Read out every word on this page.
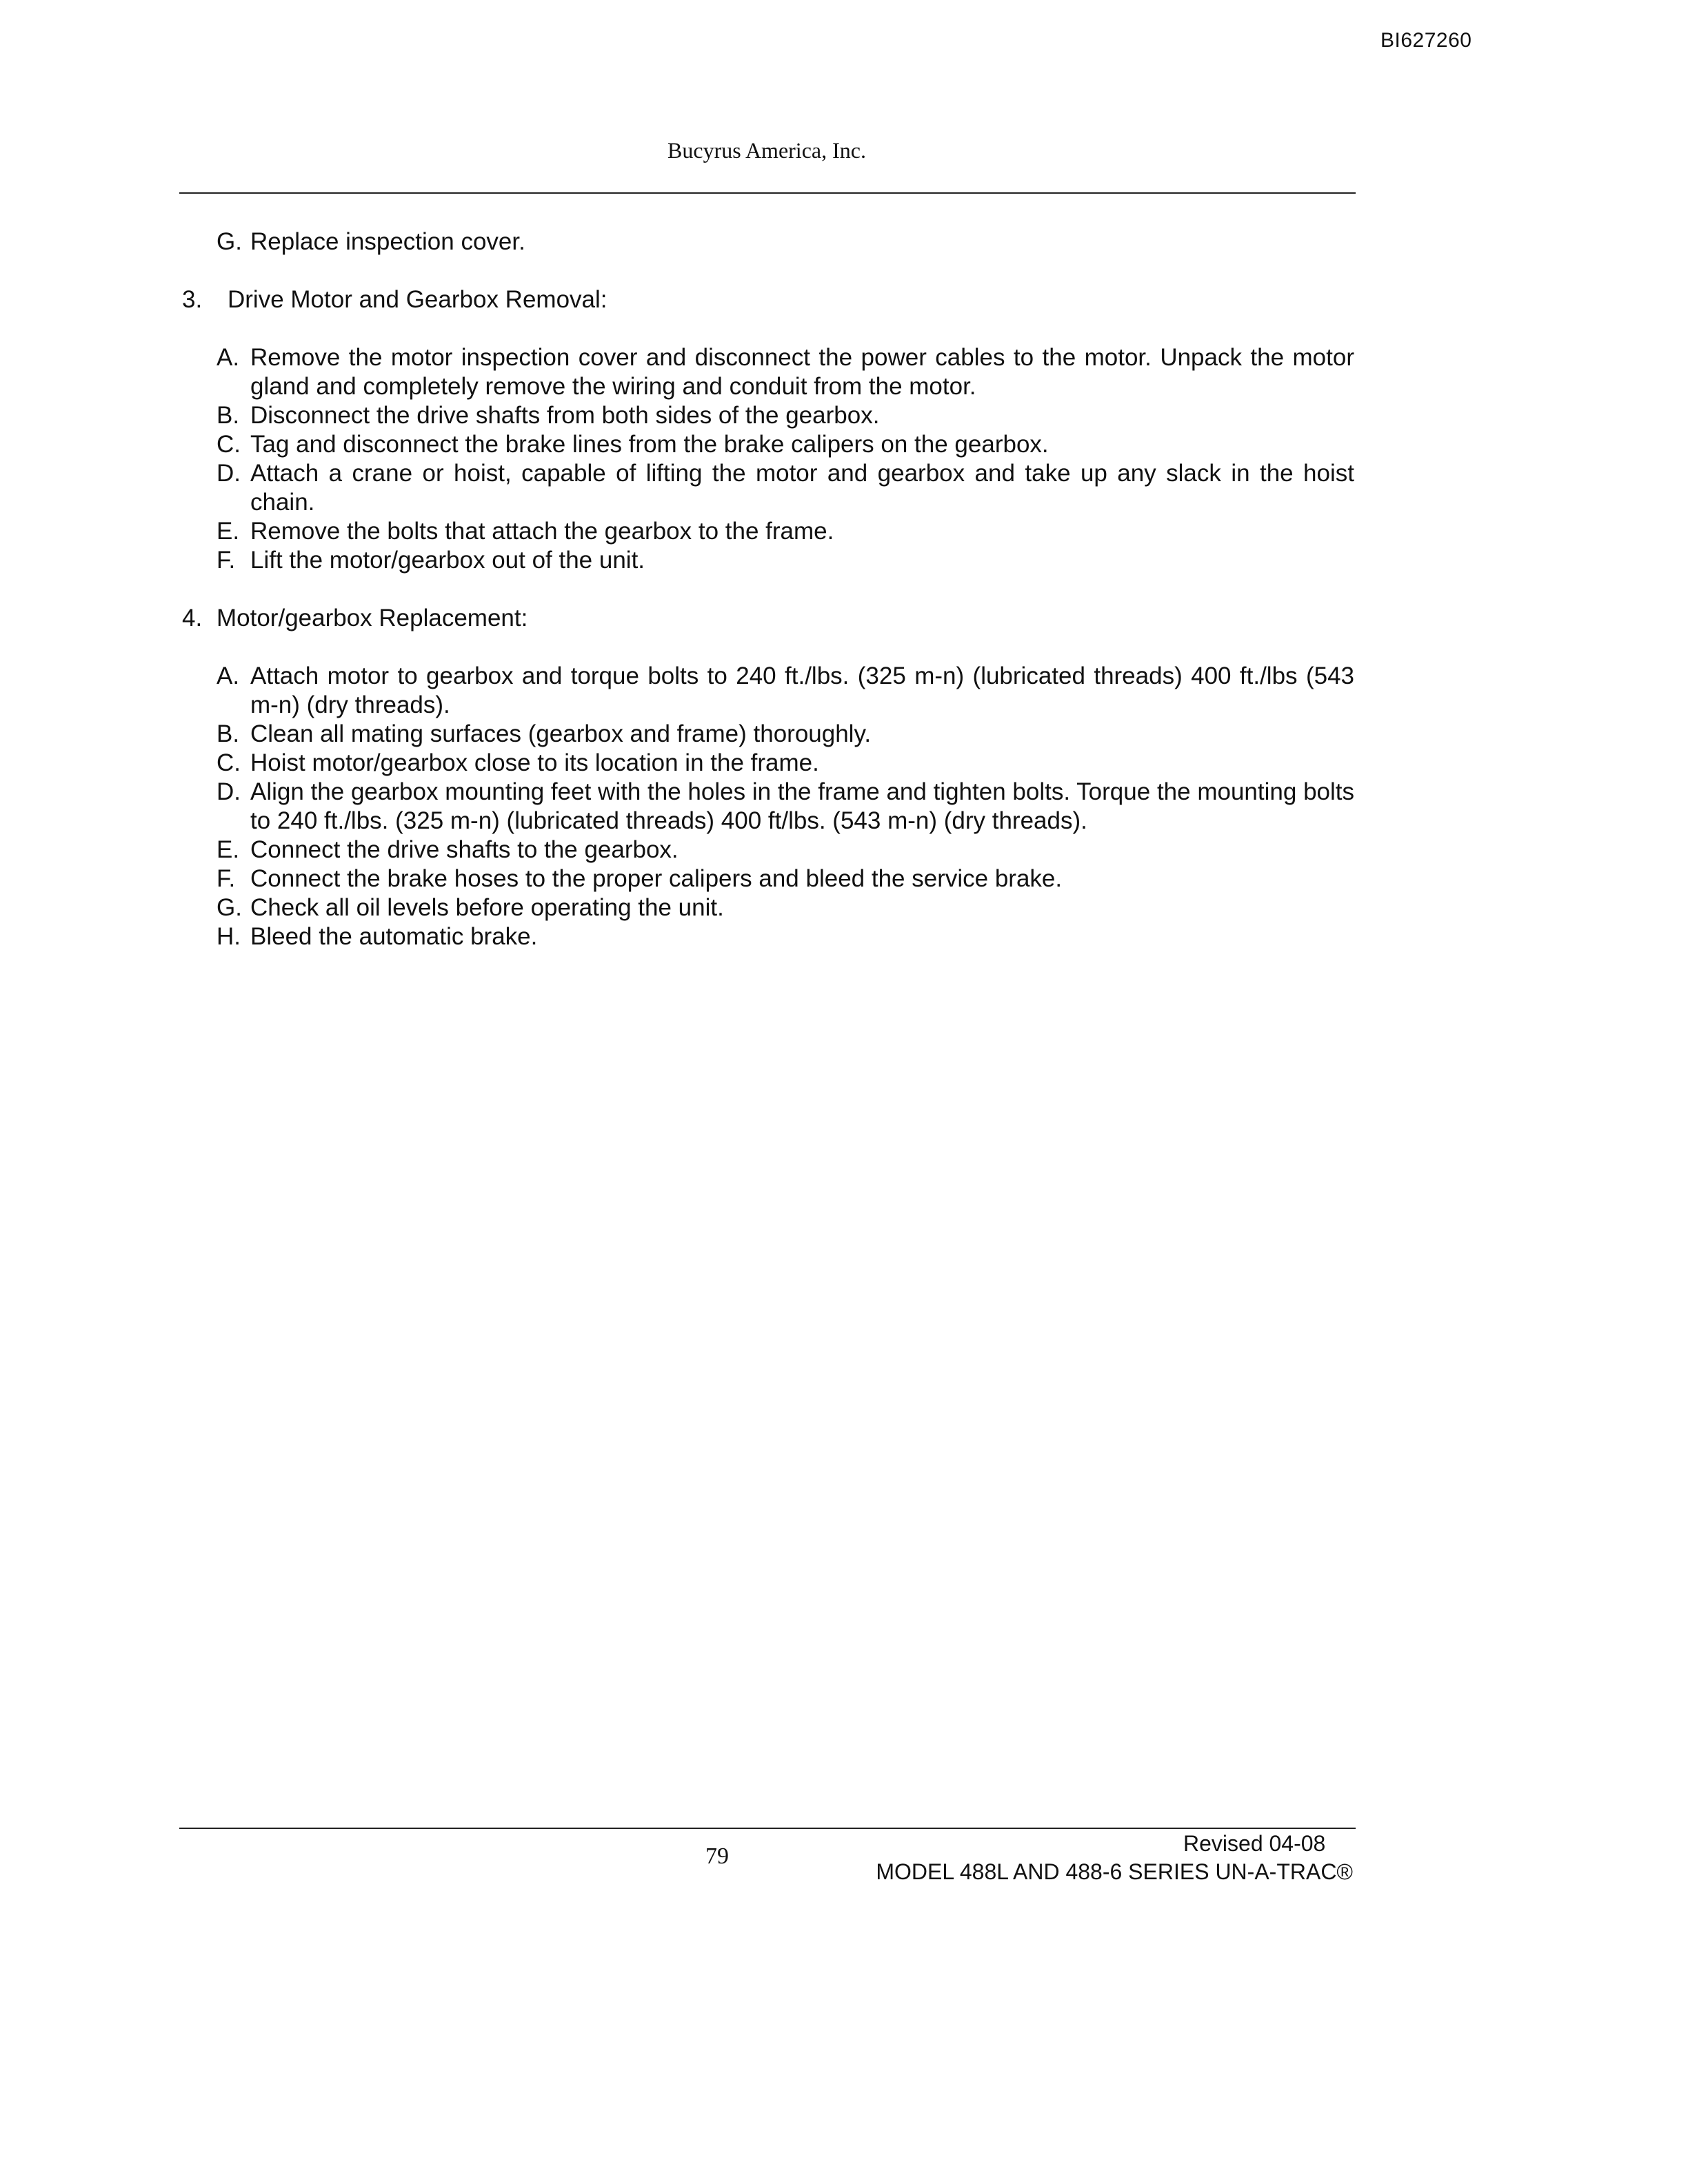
BI627260
Bucyrus America, Inc.
G. Replace inspection cover.
3.	Drive Motor and Gearbox Removal:
A. Remove the motor inspection cover and disconnect the power cables to the motor. Unpack the motor gland and completely remove the wiring and conduit from the motor.
B. Disconnect the drive shafts from both sides of the gearbox.
C. Tag and disconnect the brake lines from the brake calipers on the gearbox.
D. Attach a crane or hoist, capable of lifting the motor and gearbox and take up any slack in the hoist chain.
E. Remove the bolts that attach the gearbox to the frame.
F. Lift the motor/gearbox out of the unit.
4. Motor/gearbox Replacement:
A. Attach motor to gearbox and torque bolts to 240 ft./lbs. (325 m-n) (lubricated threads) 400 ft./lbs (543 m-n) (dry threads).
B. Clean all mating surfaces (gearbox and frame) thoroughly.
C. Hoist motor/gearbox close to its location in the frame.
D. Align the gearbox mounting feet with the holes in the frame and tighten bolts. Torque the mounting bolts to 240 ft./lbs. (325 m-n) (lubricated threads) 400 ft/lbs. (543 m-n) (dry threads).
E. Connect the drive shafts to the gearbox.
F. Connect the brake hoses to the proper calipers and bleed the service brake.
G. Check all oil levels before operating the unit.
H. Bleed the automatic brake.
79	Revised 04-08
MODEL 488L AND 488-6 SERIES UN-A-TRAC®
